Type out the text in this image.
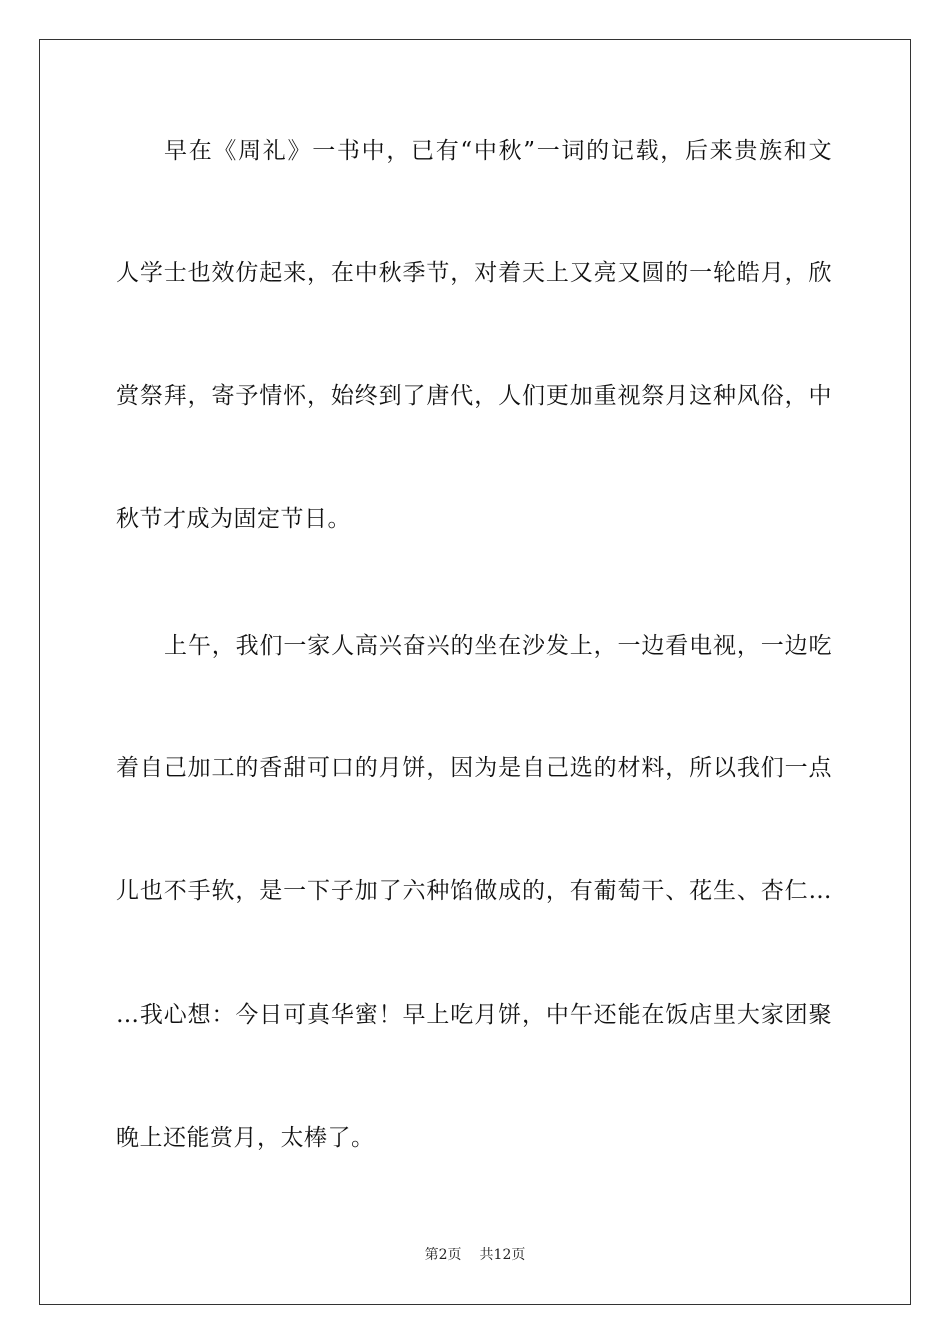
早在《周礼》一书中，已有“中秋”一词的记载，后来贵族和文
人学士也效仿起来，在中秋季节，对着天上又亮又圆的一轮皓月，欣
赏祭拜，寄予情怀，始终到了唐代，人们更加重视祭月这种风俗，中
秋节才成为固定节日。
上午，我们一家人高兴奋兴的坐在沙发上，一边看电视，一边吃
着自己加工的香甜可口的月饼，因为是自己选的材料，所以我们一点
儿也不手软，是一下子加了六种馅做成的，有葡萄干、花生、杏仁…
…我心想：今日可真华蜜！早上吃月饼，中午还能在饭店里大家团聚
晚上还能赏月，太棒了。
第2页 共12页
